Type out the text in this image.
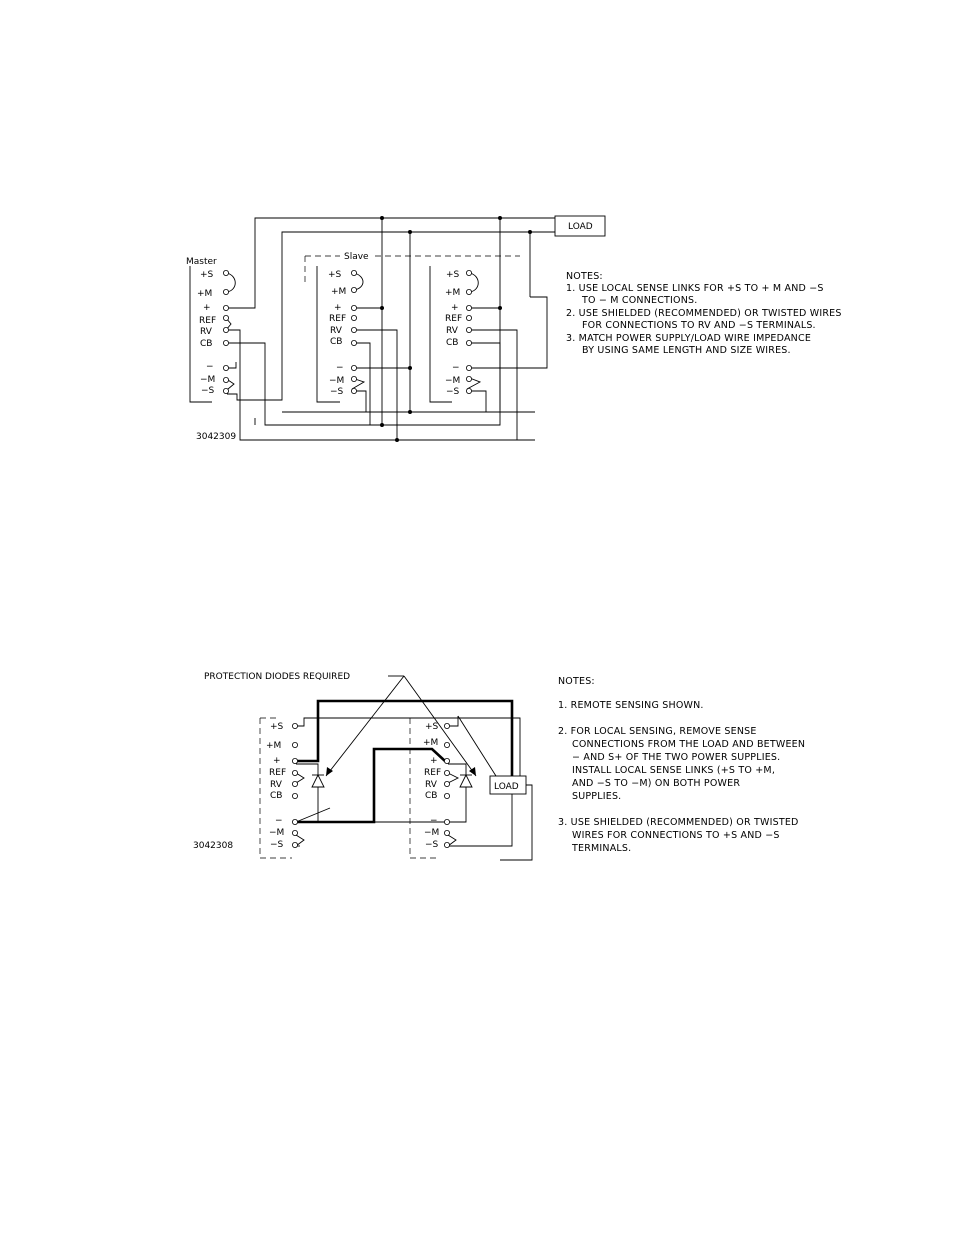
Master	Slave
+S
+M
+
REF
RV
CB
−
−M
−S
+S
+M
+
REF
RV
CB
−
−M
−S
+S
+M
+
REF
RV
CB
−
−M
−S
LOAD
3042309
NOTES:
1. USE LOCAL SENSE LINKS FOR +S TO + M AND −S
TO − M CONNECTIONS.
2. USE SHIELDED (RECOMMENDED) OR TWISTED WIRES
FOR CONNECTIONS TO RV AND −S TERMINALS.
3. MATCH POWER SUPPLY/LOAD WIRE IMPEDANCE
BY USING SAME LENGTH AND SIZE WIRES.
PROTECTION DIODES REQUIRED
+S
+M
+
REF
RV
CB
−
−M
−S
+S
+M
+
REF
RV
CB
−
−M
−S
LOAD
3042308
NOTES:
1. REMOTE SENSING SHOWN.
2. FOR LOCAL SENSING, REMOVE SENSE
CONNECTIONS FROM THE LOAD AND BETWEEN
− AND S+ OF THE TWO POWER SUPPLIES.
INSTALL LOCAL SENSE LINKS (+S TO +M,
AND −S TO −M) ON BOTH POWER
SUPPLIES.
3. USE SHIELDED (RECOMMENDED) OR TWISTED
WIRES FOR CONNECTIONS TO +S AND −S
TERMINALS.
